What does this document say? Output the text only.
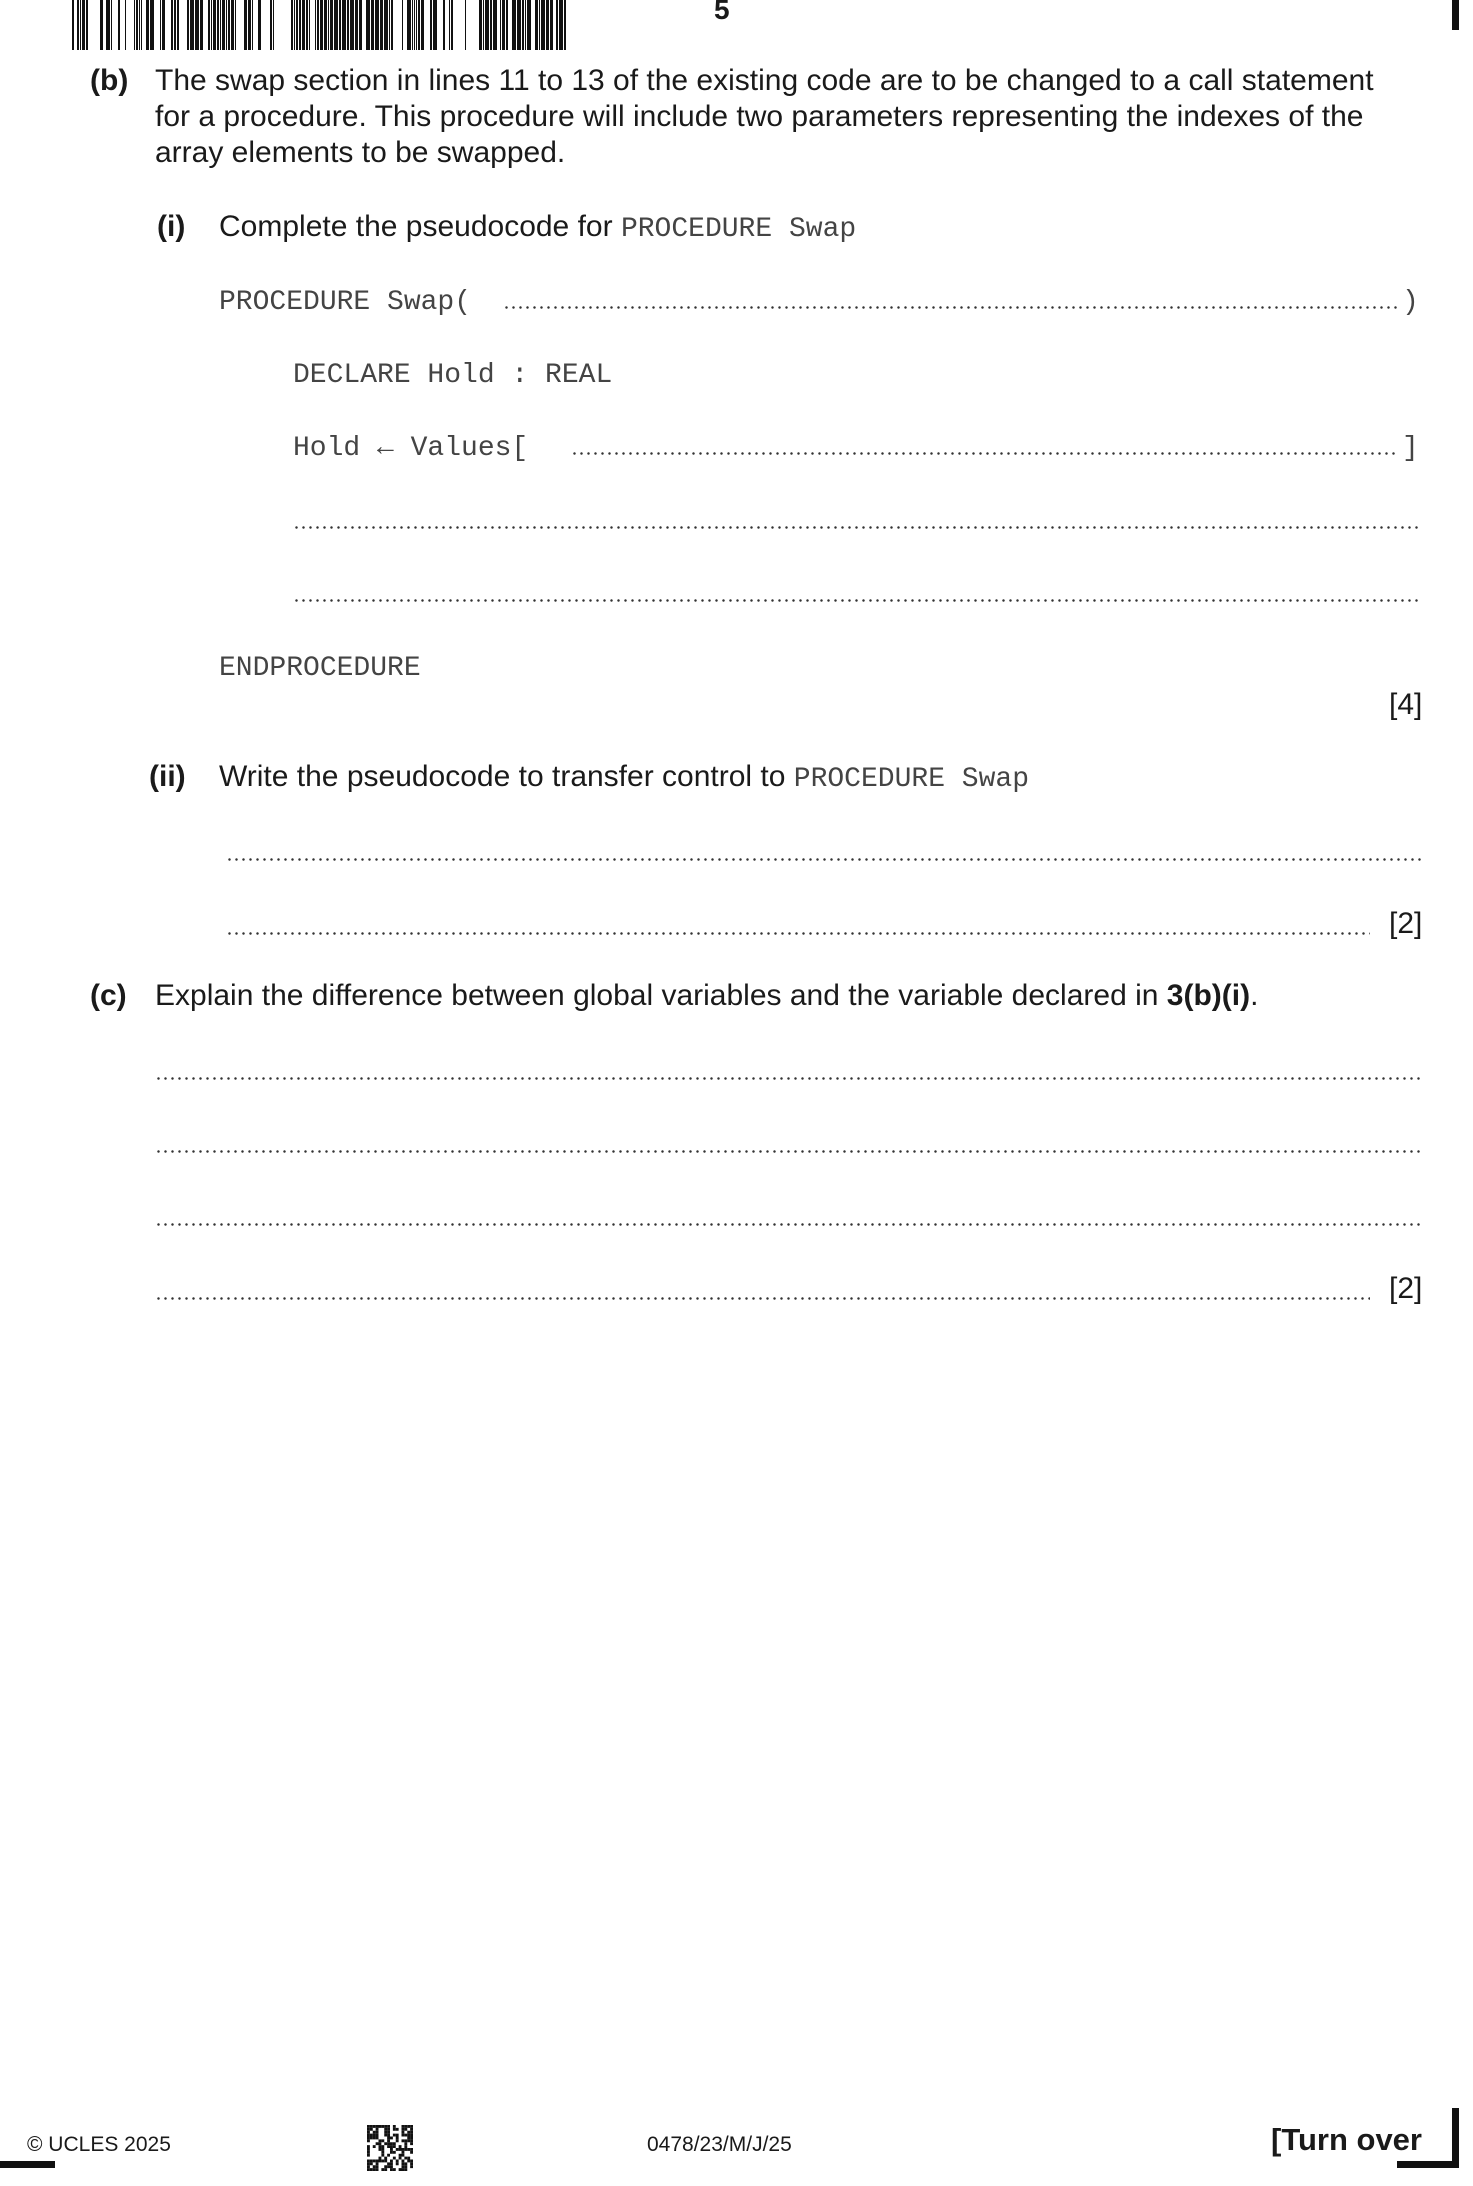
5
(b) The swap section in lines 11 to 13 of the existing code are to be changed to a call statement
for a procedure. This procedure will include two parameters representing the indexes of the
array elements to be swapped.
(i) Complete the pseudocode for PROCEDURE Swap
PROCEDURE Swap(	)
DECLARE Hold : REAL
Hold ← Values[	]
ENDPROCEDURE
[4]
(ii) Write the pseudocode to transfer control to PROCEDURE Swap
[2]
(c) Explain the difference between global variables and the variable declared in 3(b)(i).
[2]
© UCLES 2025	0478/23/M/J/25	[Turn over
